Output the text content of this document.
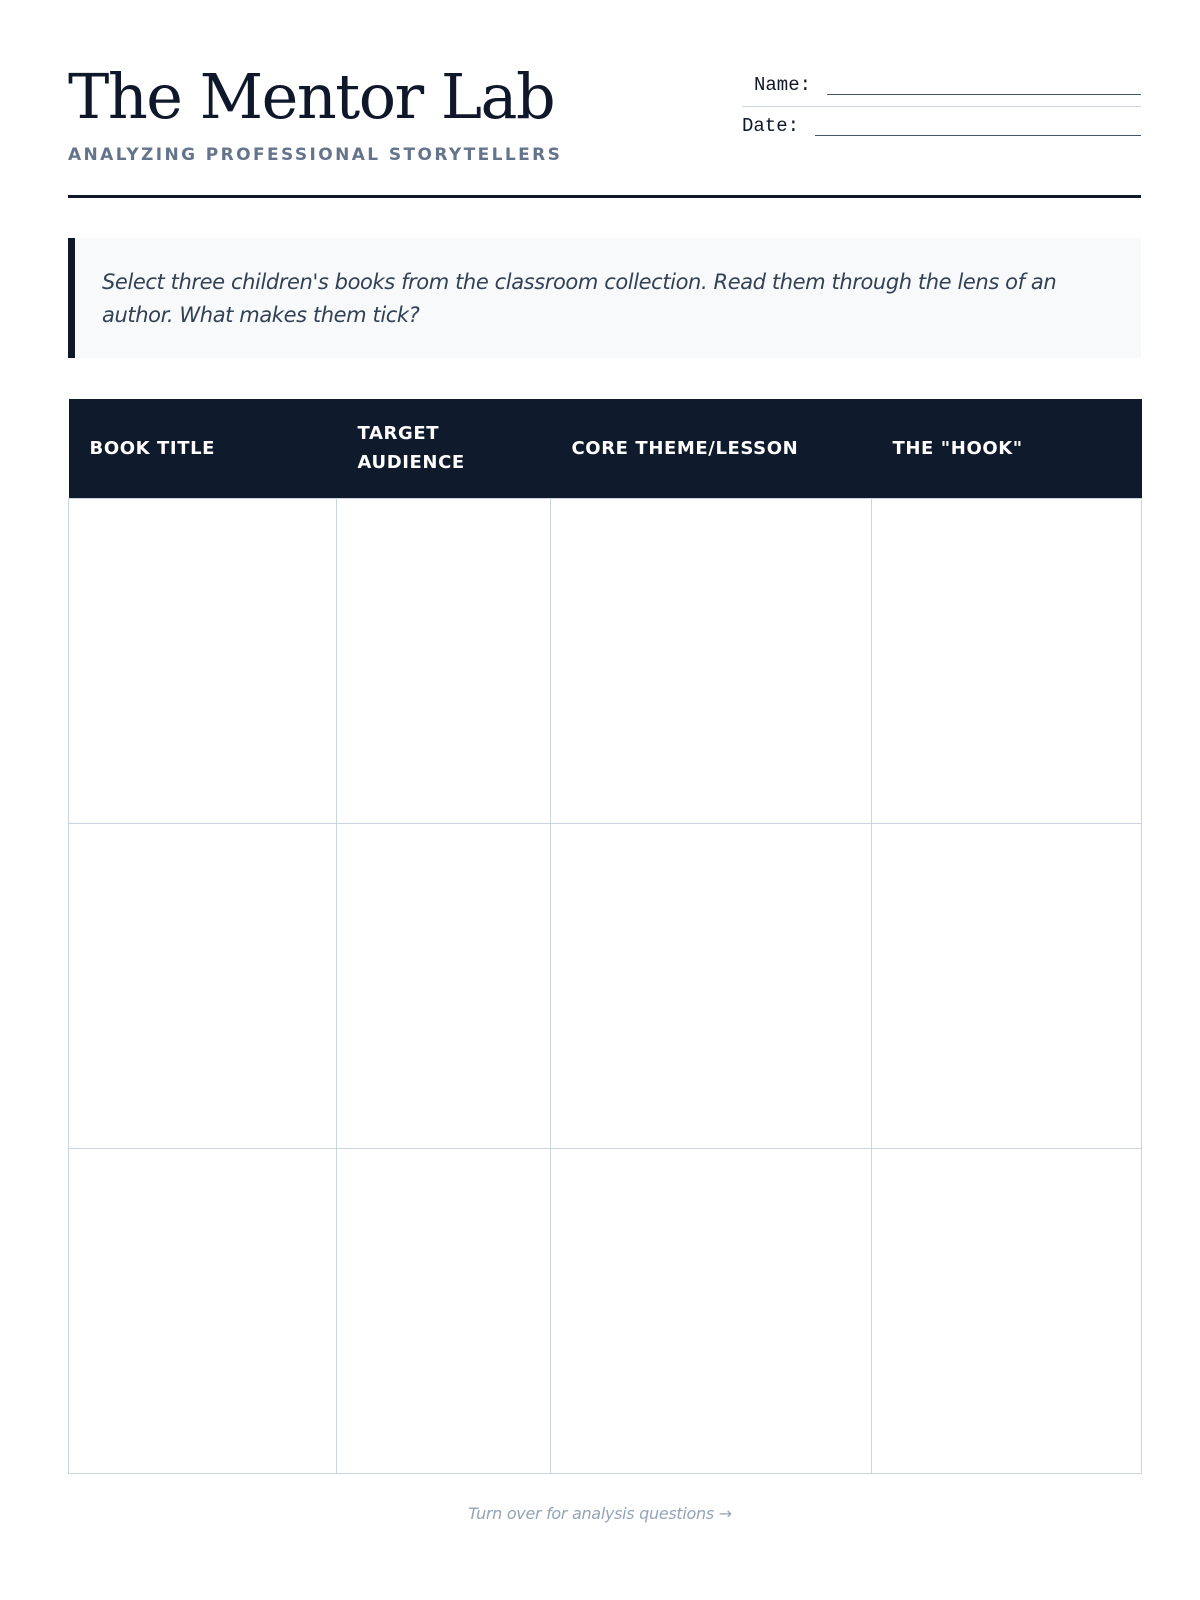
The Mentor Lab
ANALYZING PROFESSIONAL STORYTELLERS
Name:
Date:

Select three children's books from the classroom collection. Read them through the lens of an author. What makes them tick?

BOOK TITLE	TARGET AUDIENCE	CORE THEME/LESSON	THE "HOOK"

Turn over for analysis questions →
